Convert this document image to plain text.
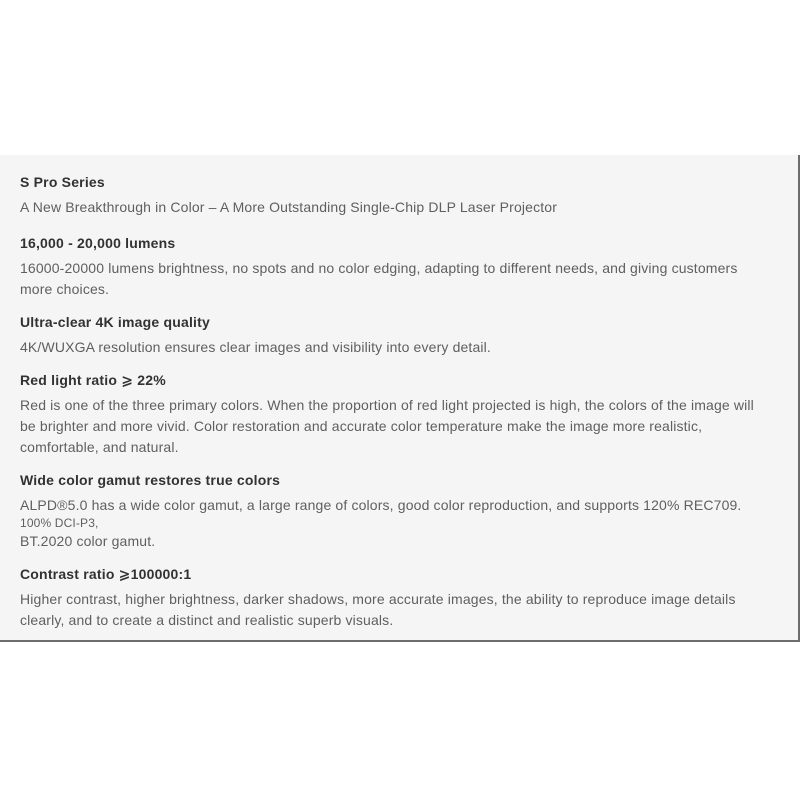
S Pro Series

A New Breakthrough in Color – A More Outstanding Single-Chip DLP Laser Projector

16,000 - 20,000 lumens

16000-20000 lumens brightness, no spots and no color edging, adapting to different needs, and giving customers more choices.

Ultra-clear 4K image quality

4K/WUXGA resolution ensures clear images and visibility into every detail.

Red light ratio ⩾ 22%

Red is one of the three primary colors. When the proportion of red light projected is high, the colors of the image will be brighter and more vivid. Color restoration and accurate color temperature make the image more realistic, comfortable, and natural.

Wide color gamut restores true colors

ALPD®5.0 has a wide color gamut, a large range of colors, good color reproduction, and supports 120% REC709.
100% DCI-P3,
BT.2020 color gamut.

Contrast ratio ⩾100000:1

Higher contrast, higher brightness, darker shadows, more accurate images, the ability to reproduce image details clearly, and to create a distinct and realistic superb visuals.
